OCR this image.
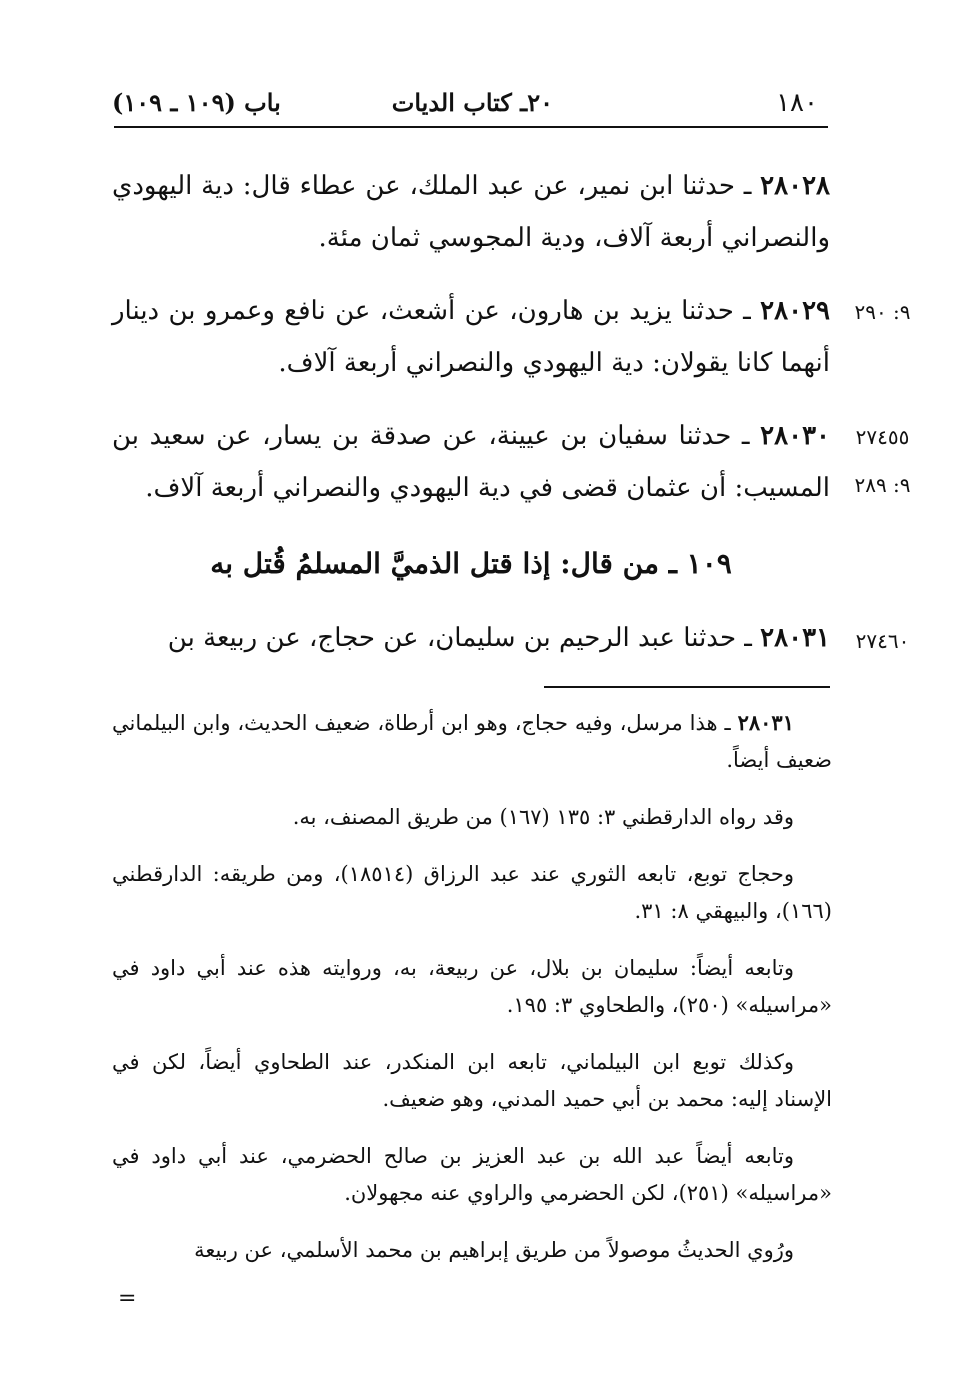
١٨٠
٢٠ـ كتاب الديات
باب (١٠٩ ـ ١٠٩)
٢٨٠٢٨ ـ حدثنا ابن نمير، عن عبد الملك، عن عطاء قال: دية اليهودي والنصراني أربعة آلاف، ودية المجوسي ثمان مئة.
٩: ٢٩٠
٢٨٠٢٩ ـ حدثنا يزيد بن هارون، عن أشعث، عن نافع وعمرو بن دينار أنهما كانا يقولان: دية اليهودي والنصراني أربعة آلاف.
٢٧٤٥٥
٩: ٢٨٩
٢٨٠٣٠ ـ حدثنا سفيان بن عيينة، عن صدقة بن يسار، عن سعيد بن المسيب: أن عثمان قضى في دية اليهودي والنصراني أربعة آلاف.
١٠٩ ـ من قال: إذا قتل الذميَّ المسلمُ قُتل به
٢٧٤٦٠
٢٨٠٣١ ـ حدثنا عبد الرحيم بن سليمان، عن حجاج، عن ربيعة بن

٢٨٠٣١ ـ هذا مرسل، وفيه حجاج، وهو ابن أرطاة، ضعيف الحديث، وابن البيلماني ضعيف أيضاً.

وقد رواه الدارقطني ٣: ١٣٥ (١٦٧) من طريق المصنف، به.

وحجاج توبع، تابعه الثوري عند عبد الرزاق (١٨٥١٤)، ومن طريقه: الدارقطني (١٦٦)، والبيهقي ٨: ٣١.

وتابعه أيضاً: سليمان بن بلال، عن ربيعة، به، وروايته هذه عند أبي داود في «مراسيله» (٢٥٠)، والطحاوي ٣: ١٩٥.

وكذلك توبع ابن البيلماني، تابعه ابن المنكدر، عند الطحاوي أيضاً، لكن في الإسناد إليه: محمد بن أبي حميد المدني، وهو ضعيف.

وتابعه أيضاً عبد الله بن عبد العزيز بن صالح الحضرمي، عند أبي داود في «مراسيله» (٢٥١)، لكن الحضرمي والراوي عنه مجهولان.

ورُوي الحديثُ موصولاً من طريق إبراهيم بن محمد الأسلمي، عن ربيعة

=
